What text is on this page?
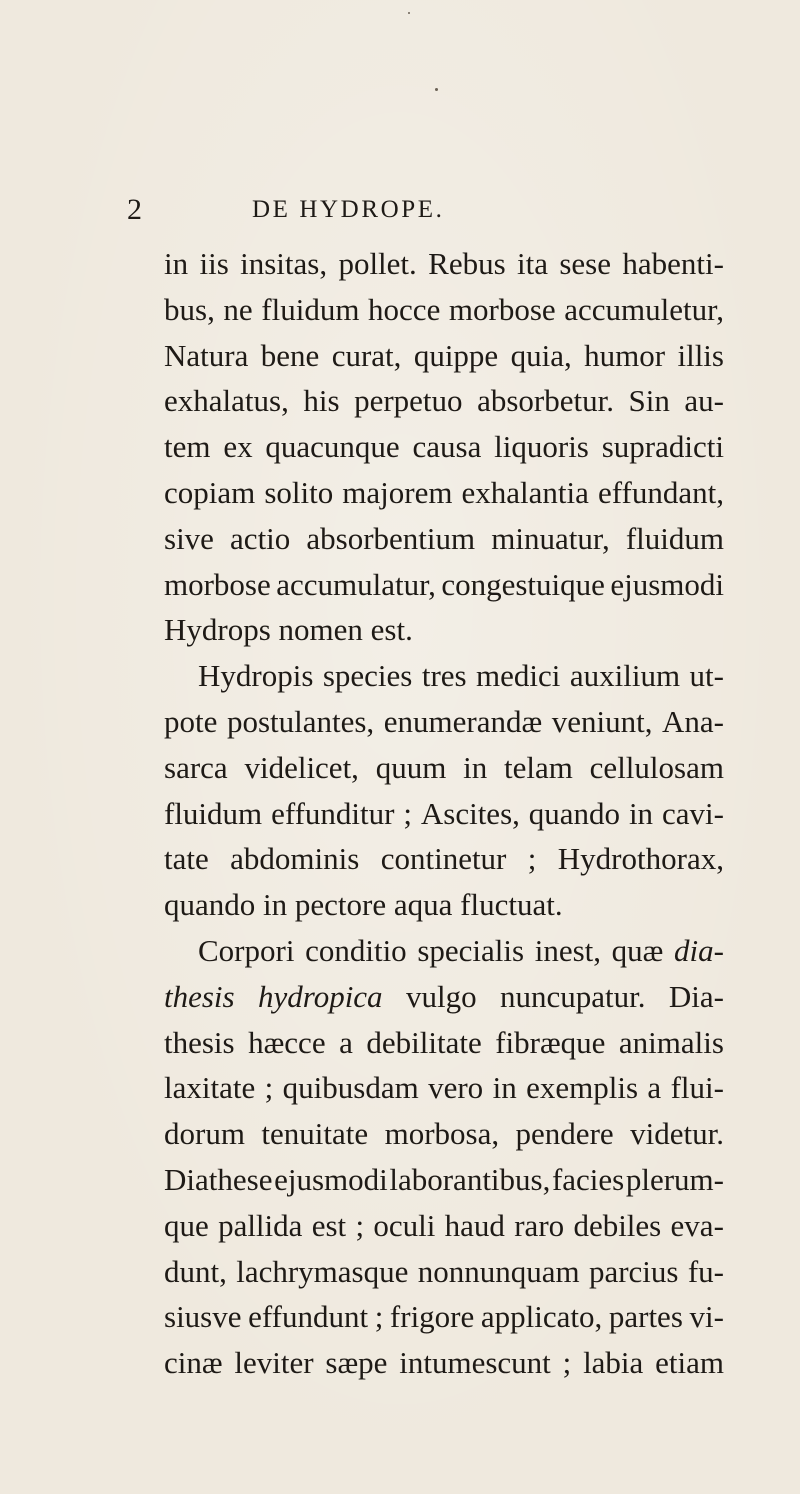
2	DE HYDROPE.
in iis insitas, pollet. Rebus ita sese habenti-
bus, ne fluidum hocce morbose accumuletur,
Natura bene curat, quippe quia, humor illis
exhalatus, his perpetuo absorbetur. Sin au-
tem ex quacunque causa liquoris supradicti
copiam solito majorem exhalantia effundant,
sive actio absorbentium minuatur, fluidum
morbose accumulatur, congestuique ejusmodi
Hydrops nomen est.
Hydropis species tres medici auxilium ut-
pote postulantes, enumerandæ veniunt, Ana-
sarca videlicet, quum in telam cellulosam
fluidum effunditur ; Ascites, quando in cavi-
tate abdominis continetur ; Hydrothorax,
quando in pectore aqua fluctuat.
Corpori conditio specialis inest, quæ dia-
thesis hydropica vulgo nuncupatur. Dia-
thesis hæcce a debilitate fibræque animalis
laxitate ; quibusdam vero in exemplis a flui-
dorum tenuitate morbosa, pendere videtur.
Diathese ejusmodi laborantibus, facies plerum-
que pallida est ; oculi haud raro debiles eva-
dunt, lachrymasque nonnunquam parcius fu-
siusve effundunt ; frigore applicato, partes vi-
cinæ leviter sæpe intumescunt ; labia etiam
